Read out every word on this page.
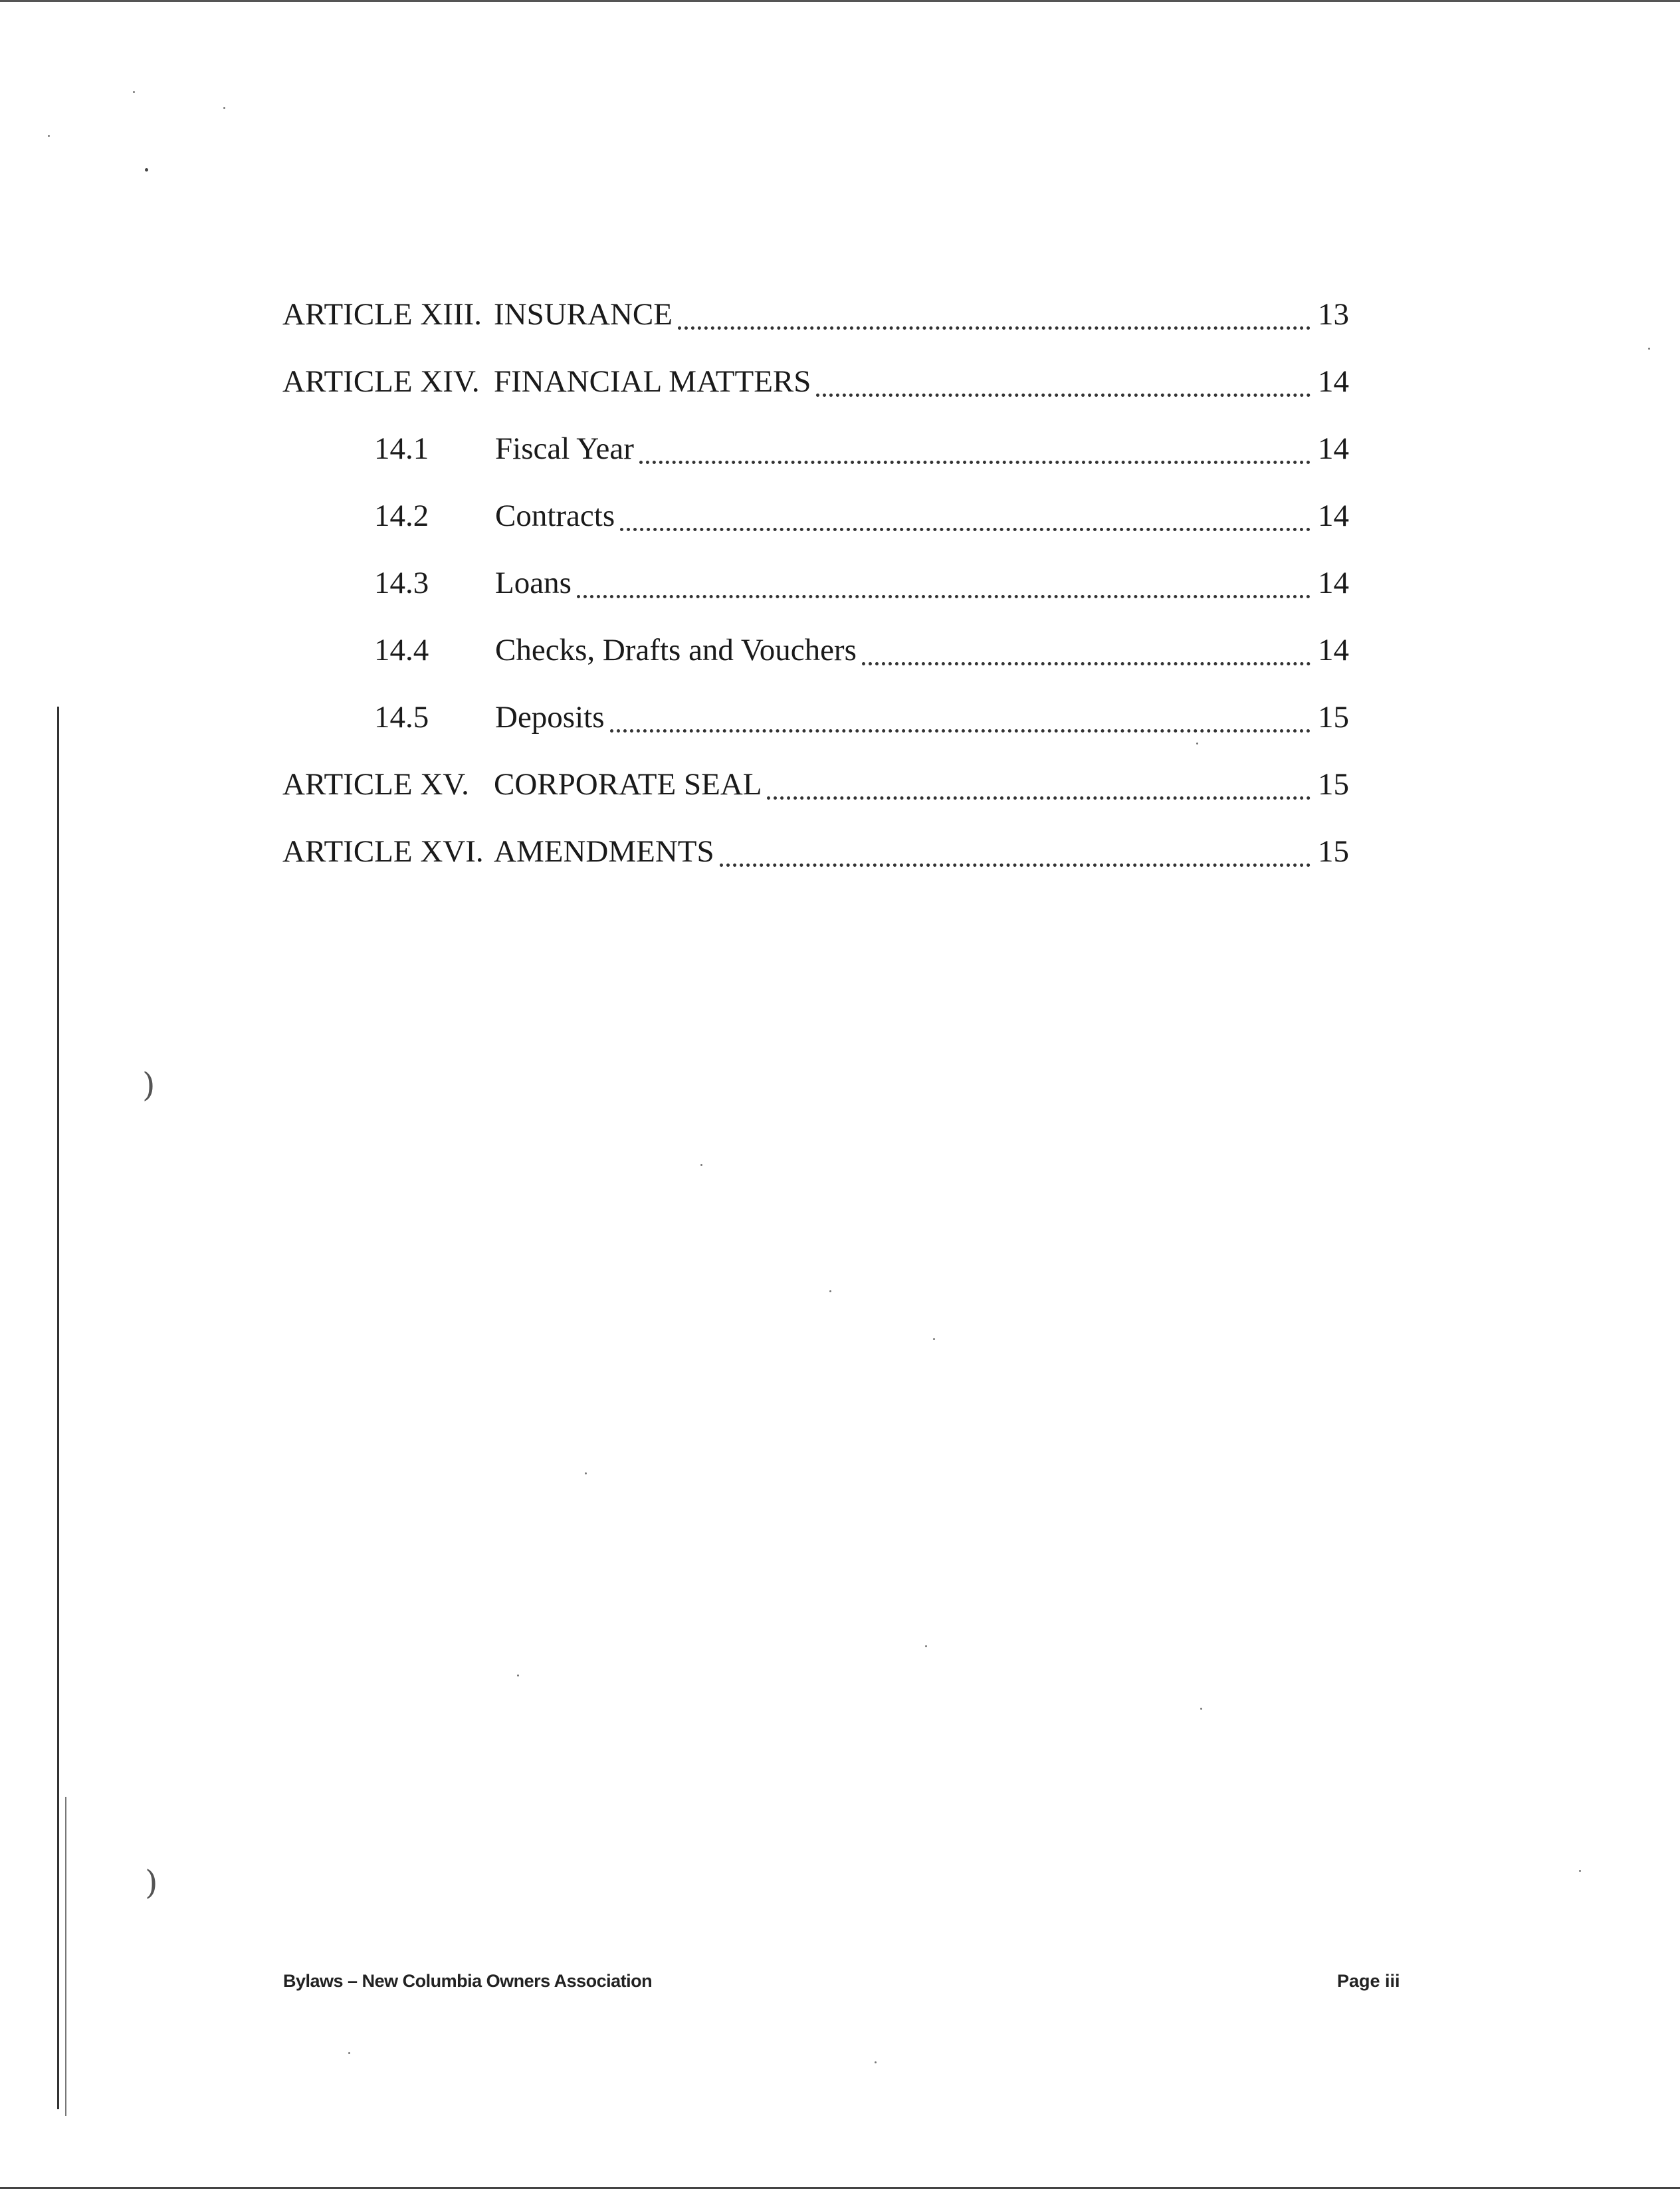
)
)
ARTICLE XIII. INSURANCE	13
ARTICLE XIV. FINANCIAL MATTERS	14
14.1	Fiscal Year	14
14.2	Contracts	14
14.3	Loans	14
14.4	Checks, Drafts and Vouchers	14
14.5	Deposits	15
ARTICLE XV. CORPORATE SEAL	15
ARTICLE XVI. AMENDMENTS	15
Bylaws – New Columbia Owners Association	Page iii
